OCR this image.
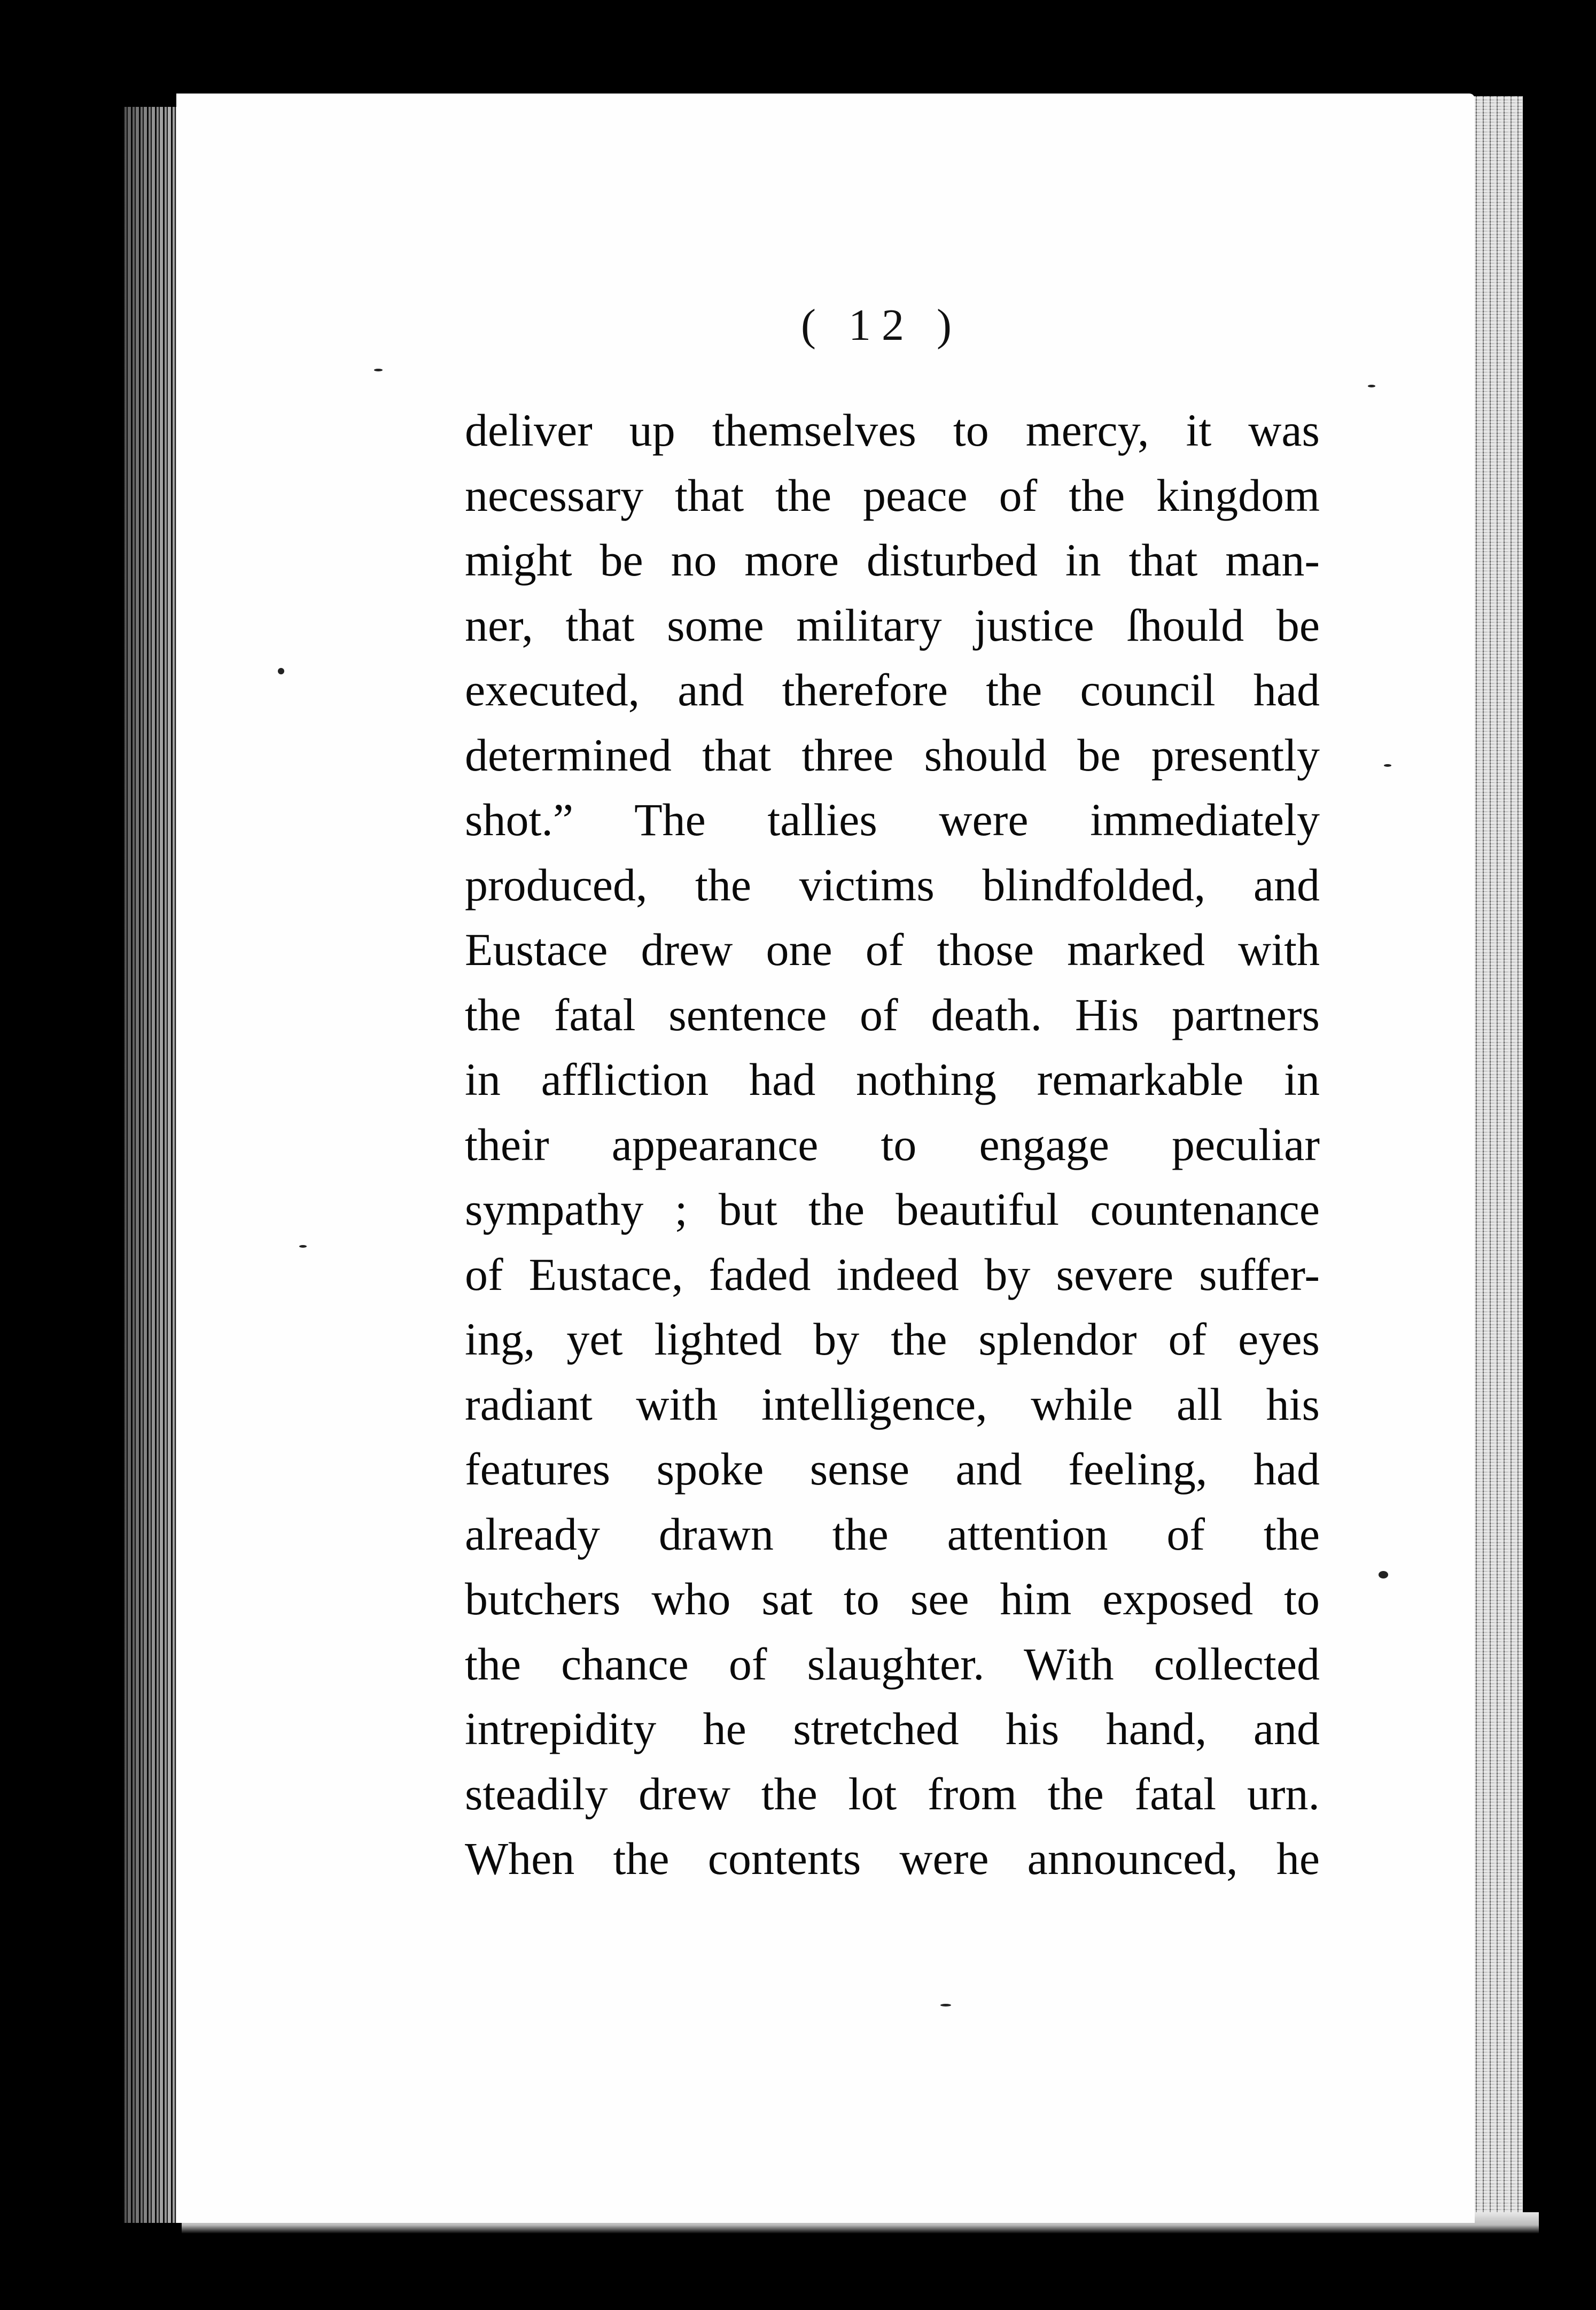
( 12 )
deliver up themselves to mercy, it was
necessary that the peace of the kingdom
might be no more disturbed in that man-
ner, that some military justice ſhould be
executed, and therefore the council had
determined that three should be presently
shot.” The tallies were immediately
produced, the victims blindfolded, and
Eustace drew one of those marked with
the fatal sentence of death. His partners
in affliction had nothing remarkable in
their appearance to engage peculiar
sympathy ; but the beautiful countenance
of Eustace, faded indeed by severe suffer-
ing, yet lighted by the splendor of eyes
radiant with intelligence, while all his
features spoke sense and feeling, had
already drawn the attention of the
butchers who sat to see him exposed to
the chance of slaughter. With collected
intrepidity he stretched his hand, and
steadily drew the lot from the fatal urn.
When the contents were announced, he
